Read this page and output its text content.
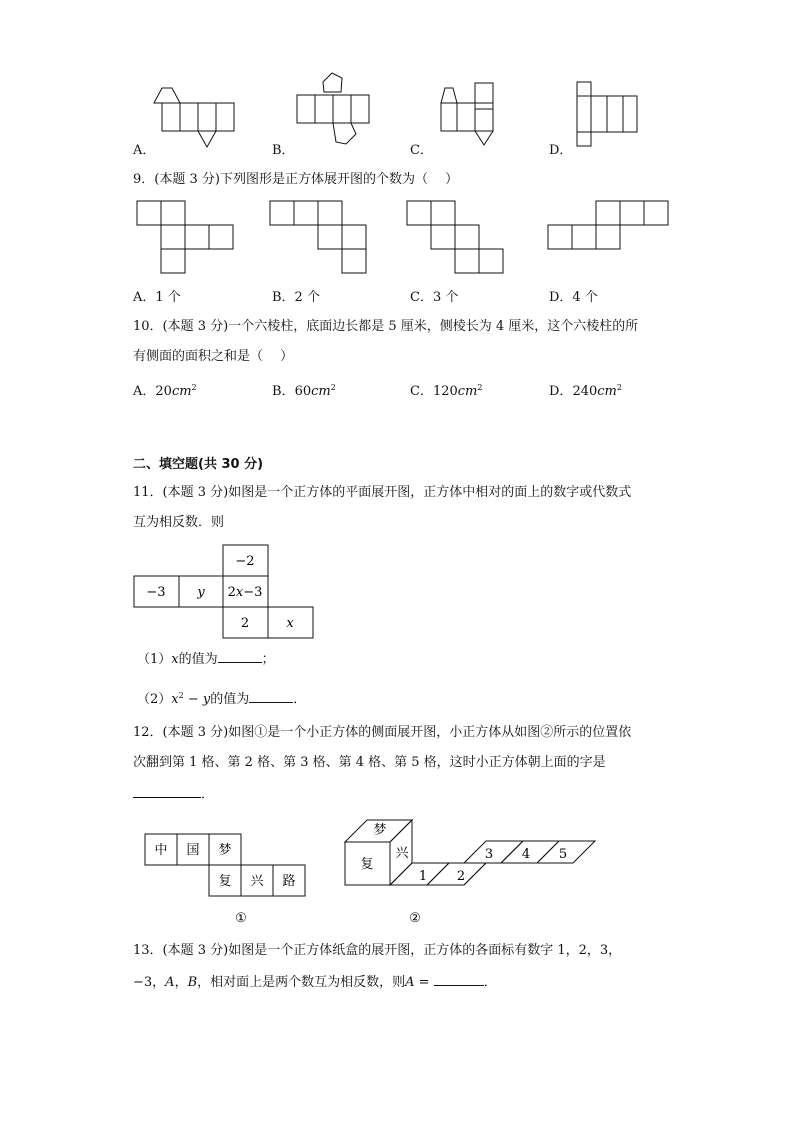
A．	B．	C．	D．
9．(本题 3 分)下列图形是正方体展开图的个数为（　 ）
A．1 个	B．2 个	C．3 个	D．4 个
10．(本题 3 分)一个六棱柱，底面边长都是 5 厘米，侧棱长为 4 厘米，这个六棱柱的所
有侧面的面积之和是（　 ）
A．$20cm^2$	B．$60cm^2$	C．$120cm^2$	D．$240cm^2$
二、填空题(共 30 分)
11．(本题 3 分)如图是一个正方体的平面展开图，正方体中相对的面上的数字或代数式
互为相反数．则
−2
−3 y 2x−3
2	x
（1）x的值为	；
$(2)x^2 - y$的值为	．
12．(本题 3 分)如图①是一个小正方体的侧面展开图，小正方体从如图②所示的位置依
次翻到第 1 格、第 2 格、第 3 格、第 4 格、第 5 格，这时小正方体朝上面的字是
．
中 国 梦
复 兴 路
①
梦
复
兴
1 2
3 4 5
②
13．(本题 3 分)如图是一个正方体纸盒的展开图，正方体的各面标有数字 1，2，3，
−3，A，B，相对面上是两个数互为相反数，则A =	．
